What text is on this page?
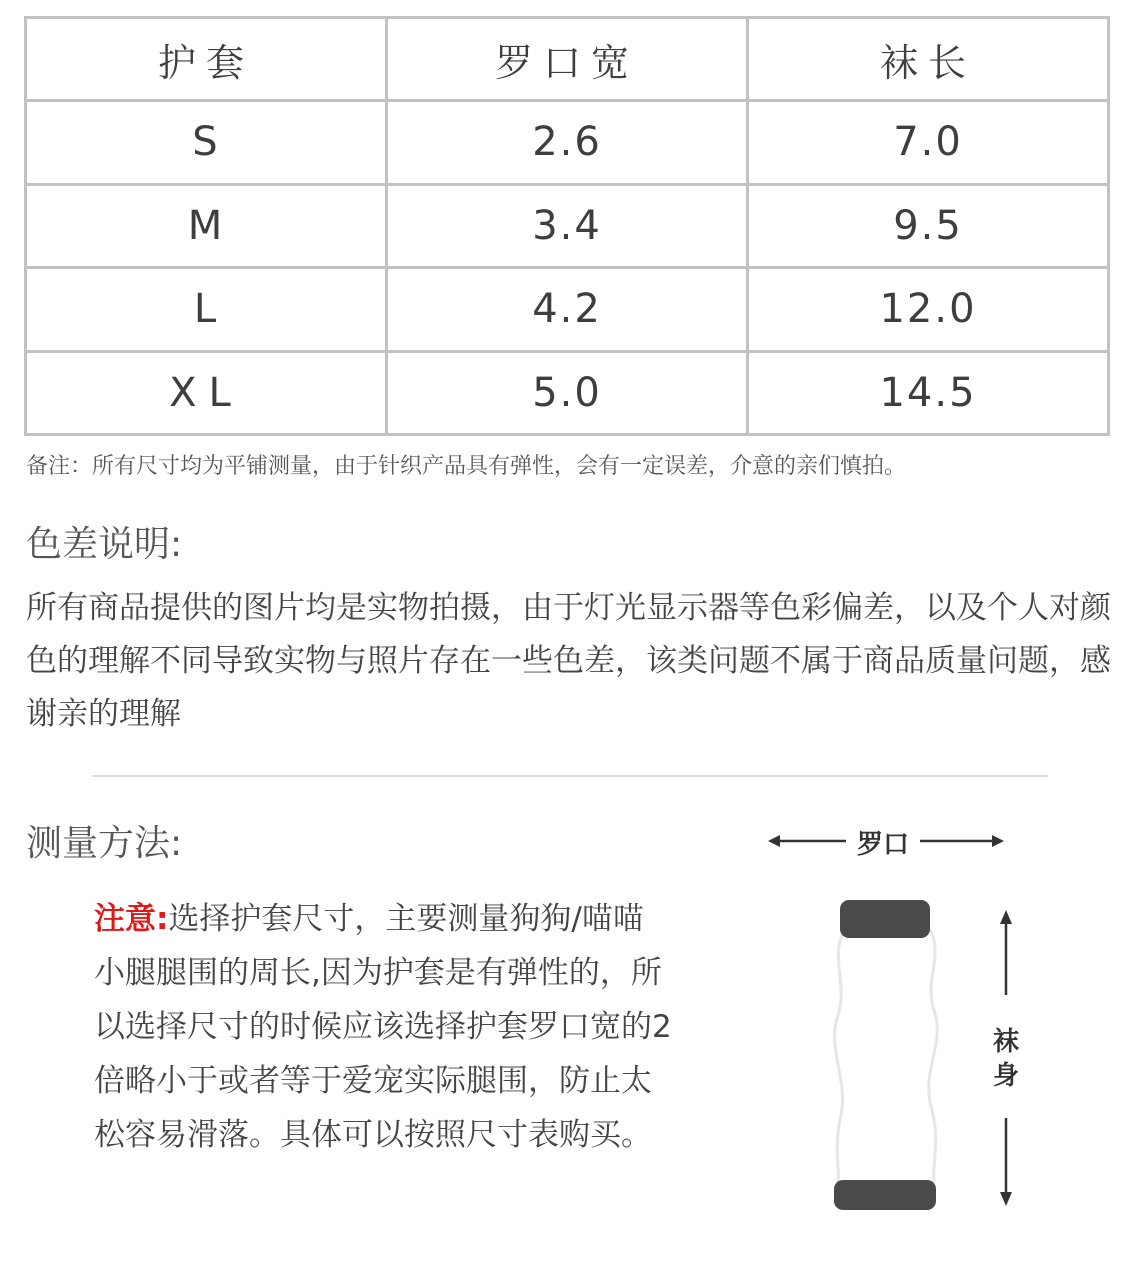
护套	罗口宽	袜长
S	2.6	7.0
M	3.4	9.5
L	4.2	12.0
XL	5.0	14.5
备注：所有尺寸均为平铺测量，由于针织产品具有弹性，会有一定误差，介意的亲们慎拍。
色差说明:
所有商品提供的图片均是实物拍摄，由于灯光显示器等色彩偏差，以及个人对颜色的理解不同导致实物与照片存在一些色差，该类问题不属于商品质量问题，感谢亲的理解
测量方法:
注意:选择护套尺寸，主要测量狗狗/喵喵小腿腿围的周长,因为护套是有弹性的，所以选择尺寸的时候应该选择护套罗口宽的2倍略小于或者等于爱宠实际腿围，防止太松容易滑落。具体可以按照尺寸表购买。
罗口
袜
身
